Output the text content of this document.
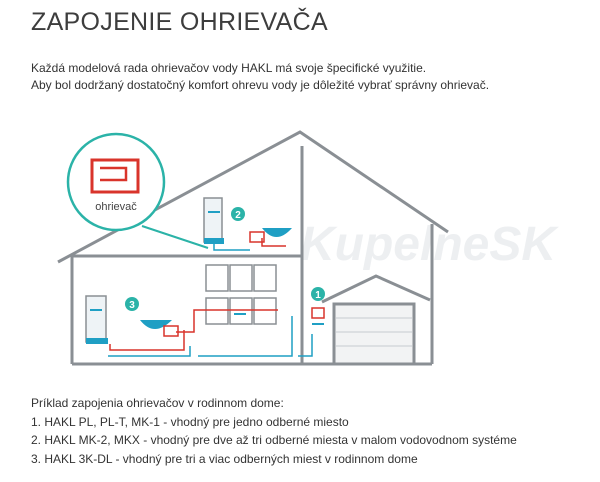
ZAPOJENIE OHRIEVAČA
Každá modelová rada ohrievačov vody HAKL má svoje špecifické využitie.
Aby bol dodržaný dostatočný komfort ohrevu vody je dôležité vybrať správny ohrievač.
KupelneSK
1
2
3
ohrievač
Príklad zapojenia ohrievačov v rodinnom dome:
1. HAKL PL, PL-T, MK-1 - vhodný pre jedno odberné miesto
2. HAKL MK-2, MKX - vhodný pre dve až tri odberné miesta v malom vodovodnom systéme
3. HAKL 3K-DL - vhodný pre tri a viac odberných miest v rodinnom dome
